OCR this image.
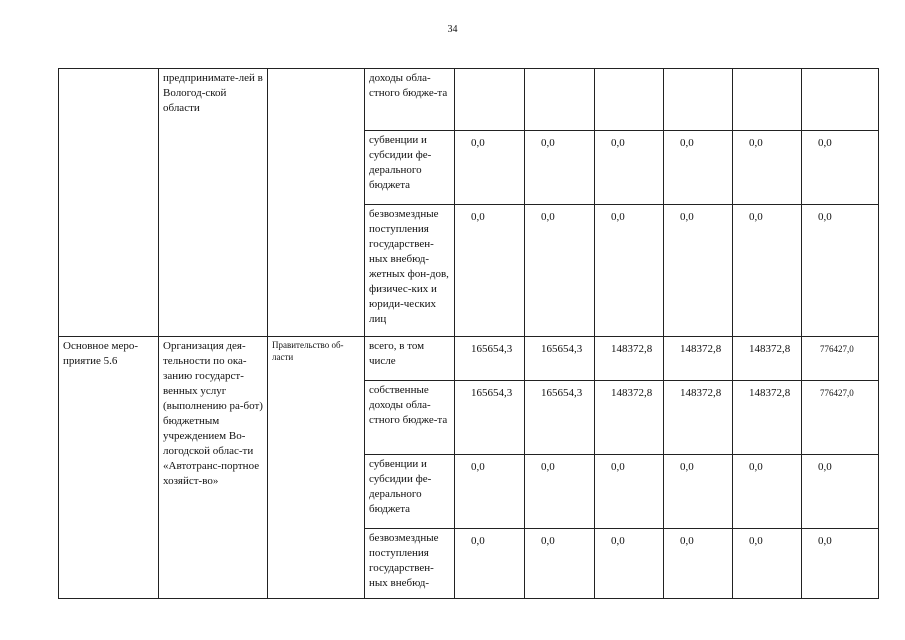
34
	предпринимате-лей в Вологод-ской области		доходы обла-стного бюдже-та						
			субвенции и субсидии фе-дерального бюджета	0,0	0,0	0,0	0,0	0,0	0,0
			безвозмездные поступления государствен-ных внебюд-жетных фон-дов, физичес-ких и юриди-ческих лиц	0,0	0,0	0,0	0,0	0,0	0,0
Основное меро-приятие 5.6	Организация дея-тельности по ока-занию государст-венных услуг (выполнению ра-бот) бюджетным учреждением Во-логодской облас-ти «Автотранс-портное хозяйст-во»	Правительство об-ласти	всего, в том числе	165654,3	165654,3	148372,8	148372,8	148372,8	776427,0
			собственные доходы обла-стного бюдже-та	165654,3	165654,3	148372,8	148372,8	148372,8	776427,0
			субвенции и субсидии фе-дерального бюджета	0,0	0,0	0,0	0,0	0,0	0,0
			безвозмездные поступления государствен-ных внебюд-	0,0	0,0	0,0	0,0	0,0	0,0
